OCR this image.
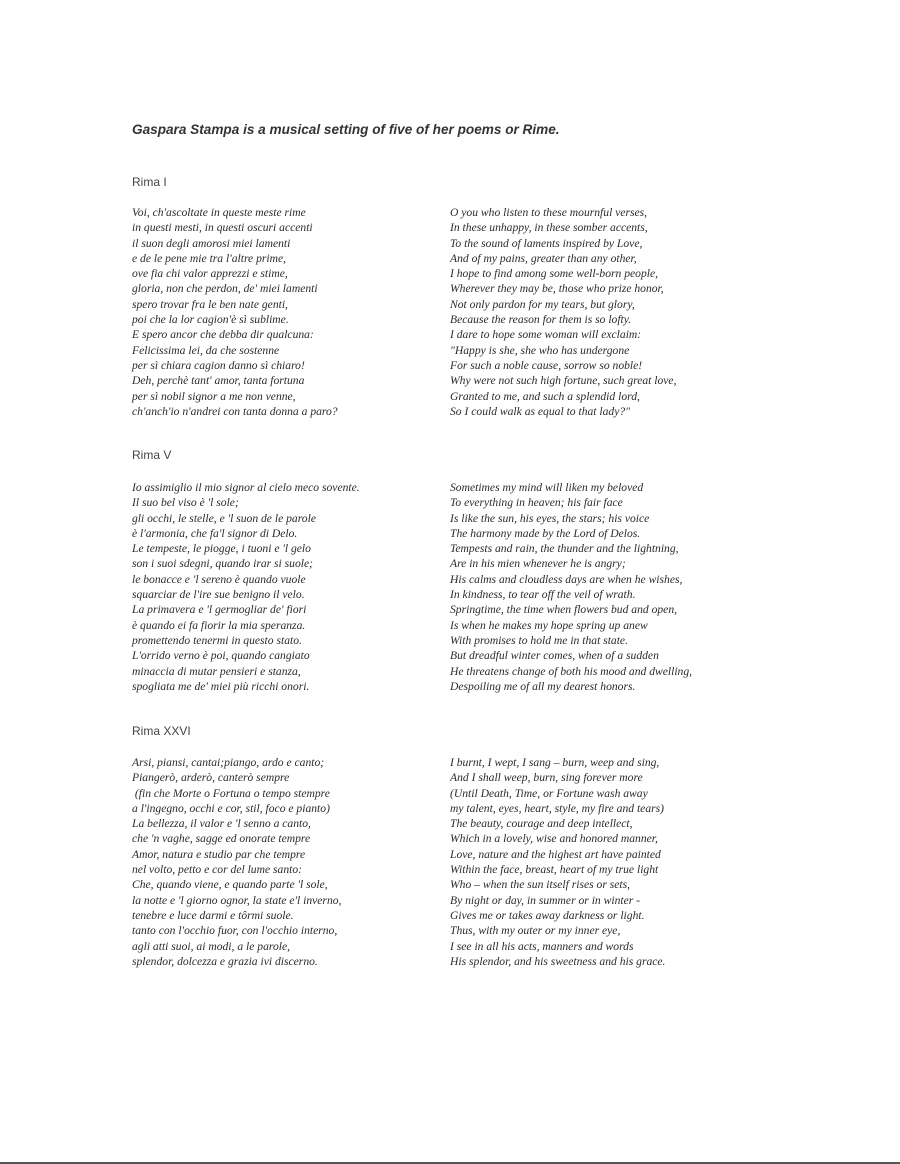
Gaspara Stampa is a musical setting of five of her poems or Rime.
Rima I
Voi, ch'ascoltate in queste meste rime
in questi mesti, in questi oscuri accenti
il suon degli amorosi miei lamenti
e de le pene mie tra l'altre prime,
ove fia chi valor apprezzi e stime,
gloria, non che perdon, de' miei lamenti
spero trovar fra le ben nate genti,
poi che la lor cagion'è sì sublime.
E spero ancor che debba dir qualcuna:
Felicissima lei, da che sostenne
per sì chiara cagion danno sì chiaro!
Deh, perchè tant' amor, tanta fortuna
per sì nobil signor a me non venne,
ch'anch'io n'andrei con tanta donna a paro?
O you who listen to these mournful verses,
In these unhappy, in these somber accents,
To the sound of laments inspired by Love,
And of my pains, greater than any other,
I hope to find among some well-born people,
Wherever they may be, those who prize honor,
Not only pardon for my tears, but glory,
Because the reason for them is so lofty.
I dare to hope some woman will exclaim:
"Happy is she, she who has undergone
For such a noble cause, sorrow so noble!
Why were not such high fortune, such great love,
Granted to me, and such a splendid lord,
So I could walk as equal to that lady?"
Rima V
Io assimiglio il mio signor al cielo meco sovente.
Il suo bel viso è 'l sole;
gli occhi, le stelle, e 'l suon de le parole
è l'armonia, che fa'l signor di Delo.
Le tempeste, le piogge, i tuoni e 'l gelo
son i suoi sdegni, quando irar si suole;
le bonacce e 'l sereno è quando vuole
squarciar de l'ire sue benigno il velo.
La primavera e 'l germogliar de' fiori
è quando ei fa fiorir la mia speranza.
promettendo tenermi in questo stato.
L'orrido verno è poi, quando cangiato
minaccia di mutar pensieri e stanza,
spogliata me de' miei più ricchi onori.
Sometimes my mind will liken my beloved
To everything in heaven; his fair face
Is like the sun, his eyes, the stars; his voice
The harmony made by the Lord of Delos.
Tempests and rain, the thunder and the lightning,
Are in his mien whenever he is angry;
His calms and cloudless days are when he wishes,
In kindness, to tear off the veil of wrath.
Springtime, the time when flowers bud and open,
Is when he makes my hope spring up anew
With promises to hold me in that state.
But dreadful winter comes, when of a sudden
He threatens change of both his mood and dwelling,
Despoiling me of all my dearest honors.
Rima XXVI
Arsi, piansi, cantai;piango, ardo e canto;
Piangerò, arderò, canterò sempre
(fin che Morte o Fortuna o tempo stempre
a l'ingegno, occhi e cor, stil, foco e pianto)
La bellezza, il valor e 'l senno a canto,
che 'n vaghe, sagge ed onorate tempre
Amor, natura e studio par che tempre
nel volto, petto e cor del lume santo:
Che, quando viene, e quando parte 'l sole,
la notte e 'l giorno ognor, la state e'l inverno,
tenebre e luce darmi e tôrmi suole.
tanto con l'occhio fuor, con l'occhio interno,
agli atti suoi, ai modi, a le parole,
splendor, dolcezza e grazia ivi discerno.
I burnt, I wept, I sang – burn, weep and sing,
And I shall weep, burn, sing forever more
(Until Death, Time, or Fortune wash away
my talent, eyes, heart, style, my fire and tears)
The beauty, courage and deep intellect,
Which in a lovely, wise and honored manner,
Love, nature and the highest art have painted
Within the face, breast, heart of my true light
Who – when the sun itself rises or sets,
By night or day, in summer or in winter -
Gives me or takes away darkness or light.
Thus, with my outer or my inner eye,
I see in all his acts, manners and words
His splendor, and his sweetness and his grace.
